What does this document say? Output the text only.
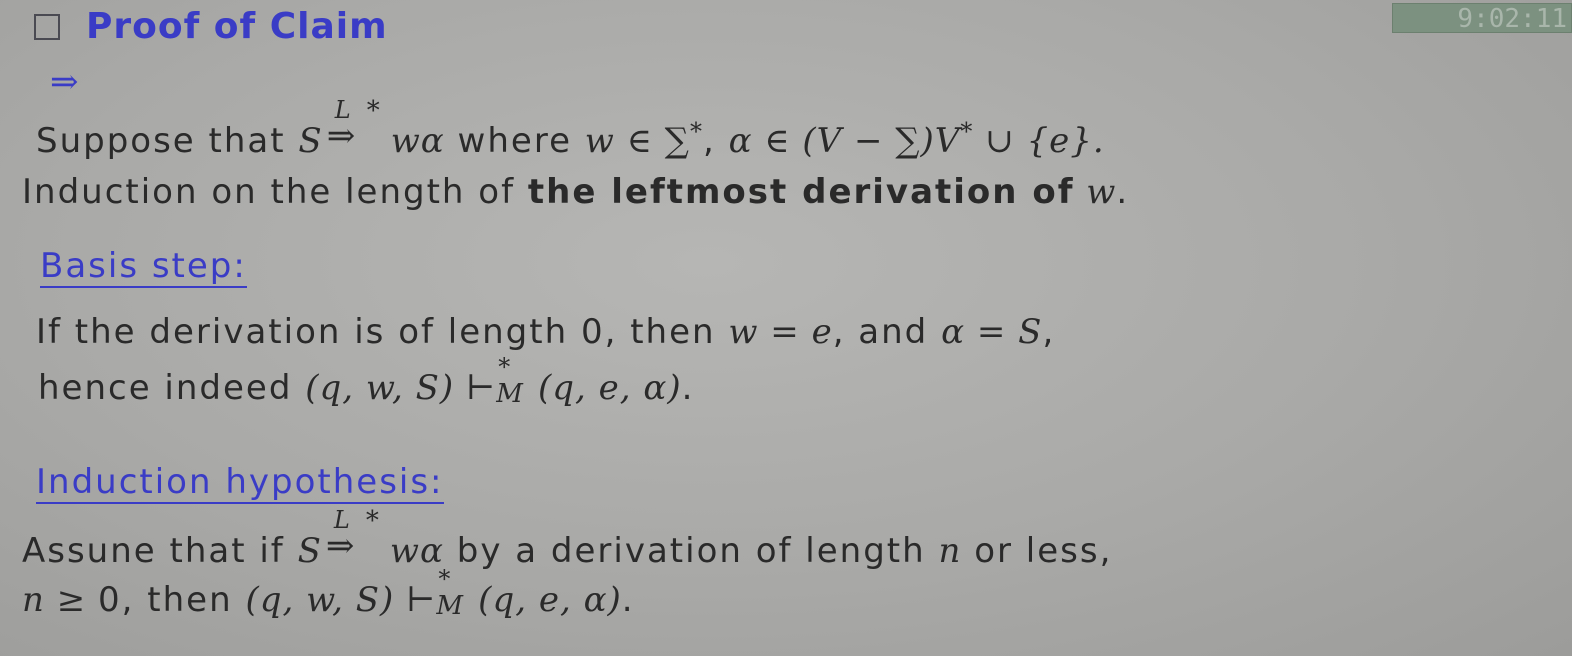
Proof of Claim	9:02:11
⇒
Suppose that S
L
⇒
*
wα where w ∈ ∑*, α ∈ (V − ∑)V* ∪ {e}.
Induction on the length of the leftmost derivation of w.
Basis step:
If the derivation is of length 0, then w = e, and α = S,
hence indeed (q, w, S) ⊢
*
M (q, e, α).
Induction hypothesis:
Assune that if S
L
⇒
*
wα by a derivation of length n or less,
n ≥ 0, then (q, w, S) ⊢
*
M (q, e, α).
